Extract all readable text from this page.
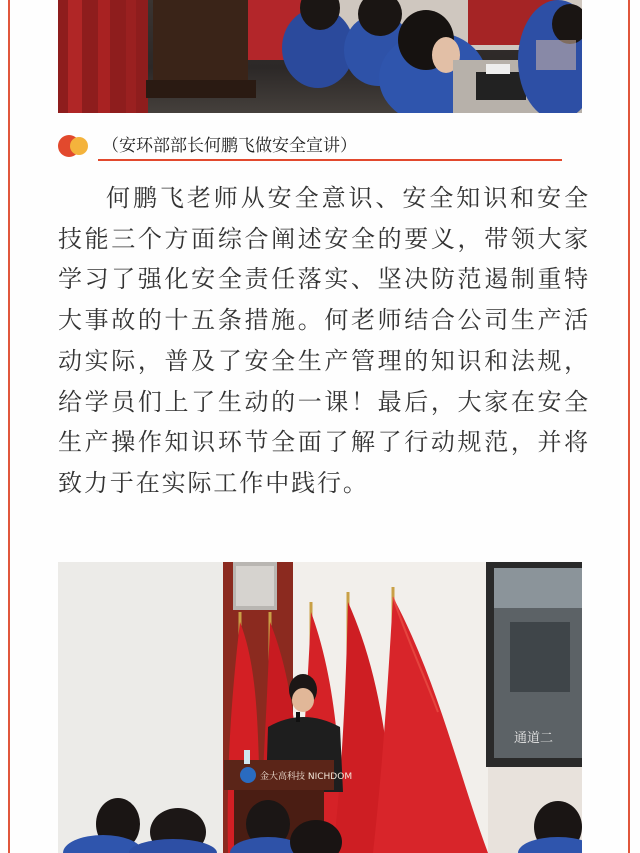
（安环部部长何鹏飞做安全宣讲）

何鹏飞老师从安全意识、安全知识和安全技能三个方面综合阐述安全的要义，带领大家学习了强化安全责任落实、坚决防范遏制重特大事故的十五条措施。何老师结合公司生产活动实际，普及了安全生产管理的知识和法规，给学员们上了生动的一课！最后，大家在安全生产操作知识环节全面了解了行动规范，并将致力于在实际工作中践行。

通道二
金大高科技 NICHDOM
